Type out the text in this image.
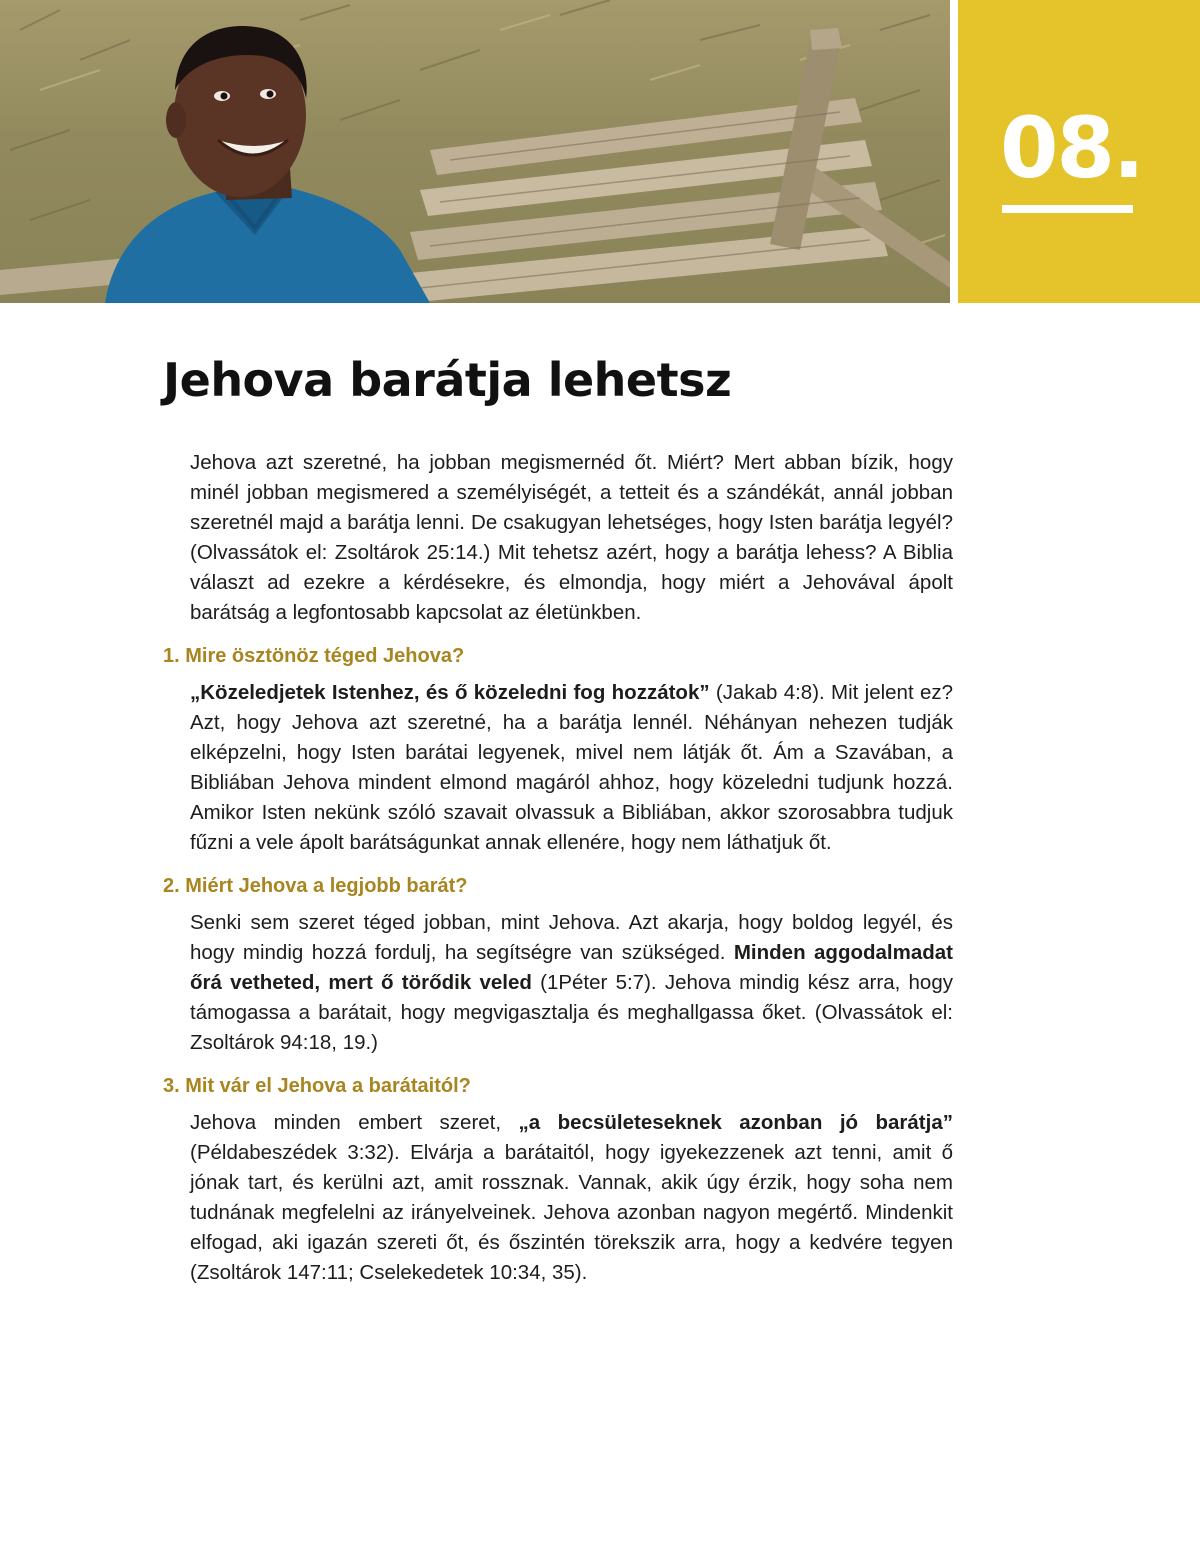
08.
Jehova barátja lehetsz

Jehova azt szeretné, ha jobban megismernéd őt. Miért? Mert abban bízik, hogy minél jobban megismered a személyiségét, a tetteit és a szándékát, annál jobban szeretnél majd a barátja lenni. De csakugyan lehetséges, hogy Isten barátja legyél? (Olvassátok el: Zsoltárok 25:14.) Mit tehetsz azért, hogy a barátja lehess? A Biblia választ ad ezekre a kérdésekre, és elmondja, hogy miért a Jehovával ápolt barátság a legfontosabb kapcsolat az életünkben.

1. Mire ösztönöz téged Jehova?

„Közeledjetek Istenhez, és ő közeledni fog hozzátok” (Jakab 4:8). Mit jelent ez? Azt, hogy Jehova azt szeretné, ha a barátja lennél. Néhányan nehezen tudják elképzelni, hogy Isten barátai legyenek, mivel nem látják őt. Ám a Szavában, a Bibliában Jehova mindent elmond magáról ahhoz, hogy közeledni tudjunk hozzá. Amikor Isten nekünk szóló szavait olvassuk a Bibliában, akkor szorosabbra tudjuk fűzni a vele ápolt barátságunkat annak ellenére, hogy nem láthatjuk őt.

2. Miért Jehova a legjobb barát?

Senki sem szeret téged jobban, mint Jehova. Azt akarja, hogy boldog legyél, és hogy mindig hozzá fordulj, ha segítségre van szükséged. Minden aggodalmadat őrá vetheted, mert ő törődik veled (1Péter 5:7). Jehova mindig kész arra, hogy támogassa a barátait, hogy megvigasztalja és meghallgassa őket. (Olvassátok el: Zsoltárok 94:18, 19.)

3. Mit vár el Jehova a barátaitól?

Jehova minden embert szeret, „a becsületeseknek azonban jó barátja” (Példabeszédek 3:32). Elvárja a barátaitól, hogy igyekezzenek azt tenni, amit ő jónak tart, és kerülni azt, amit rossznak. Vannak, akik úgy érzik, hogy soha nem tudnának megfelelni az irányelveinek. Jehova azonban nagyon megértő. Mindenkit elfogad, aki igazán szereti őt, és őszintén törekszik arra, hogy a kedvére tegyen (Zsoltárok 147:11; Cselekedetek 10:34, 35).
